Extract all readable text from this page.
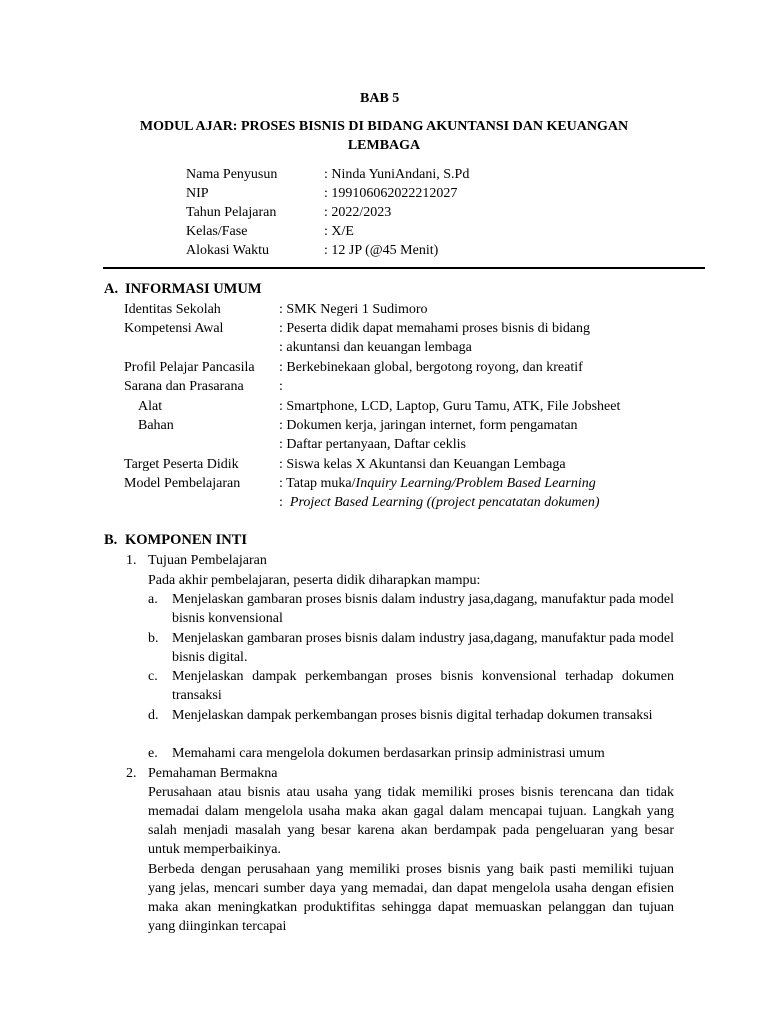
BAB 5
MODUL AJAR: PROSES BISNIS DI BIDANG AKUNTANSI DAN KEUANGAN
LEMBAGA
Nama Penyusun	: Ninda YuniAndani, S.Pd
NIP	: 199106062022212027
Tahun Pelajaran	: 2022/2023
Kelas/Fase	: X/E
Alokasi Waktu	: 12 JP (@45 Menit)
A. INFORMASI UMUM
Identitas Sekolah	: SMK Negeri 1 Sudimoro
Kompetensi Awal	: Peserta didik dapat memahami proses bisnis di bidang
: akuntansi dan keuangan lembaga
Profil Pelajar Pancasila : Berkebinekaan global, bergotong royong, dan kreatif
Sarana dan Prasarana	:
Alat	: Smartphone, LCD, Laptop, Guru Tamu, ATK, File Jobsheet
Bahan	: Dokumen kerja, jaringan internet, form pengamatan
: Daftar pertanyaan, Daftar ceklis
Target Peserta Didik	: Siswa kelas X Akuntansi dan Keuangan Lembaga
Model Pembelajaran	: Tatap muka/Inquiry Learning/Problem Based Learning
:  Project Based Learning ((project pencatatan dokumen)
B. KOMPONEN INTI
1. Tujuan Pembelajaran
Pada akhir pembelajaran, peserta didik diharapkan mampu:
a. Menjelaskan gambaran proses bisnis dalam industry jasa,dagang, manufaktur pada model bisnis konvensional
b. Menjelaskan gambaran proses bisnis dalam industry jasa,dagang, manufaktur pada model bisnis digital.
c. Menjelaskan dampak perkembangan proses bisnis konvensional terhadap dokumen transaksi
d. Menjelaskan dampak perkembangan proses bisnis digital terhadap dokumen transaksi
e. Memahami cara mengelola dokumen berdasarkan prinsip administrasi umum
2. Pemahaman Bermakna
Perusahaan atau bisnis atau usaha yang tidak memiliki proses bisnis terencana dan tidak memadai dalam mengelola usaha maka akan gagal dalam mencapai tujuan. Langkah yang salah menjadi masalah yang besar karena akan berdampak pada pengeluaran yang besar untuk memperbaikinya.
Berbeda dengan perusahaan yang memiliki proses bisnis yang baik pasti memiliki tujuan yang jelas, mencari sumber daya yang memadai, dan dapat mengelola usaha dengan efisien maka akan meningkatkan produktifitas sehingga dapat memuaskan pelanggan dan tujuan yang diinginkan tercapai
